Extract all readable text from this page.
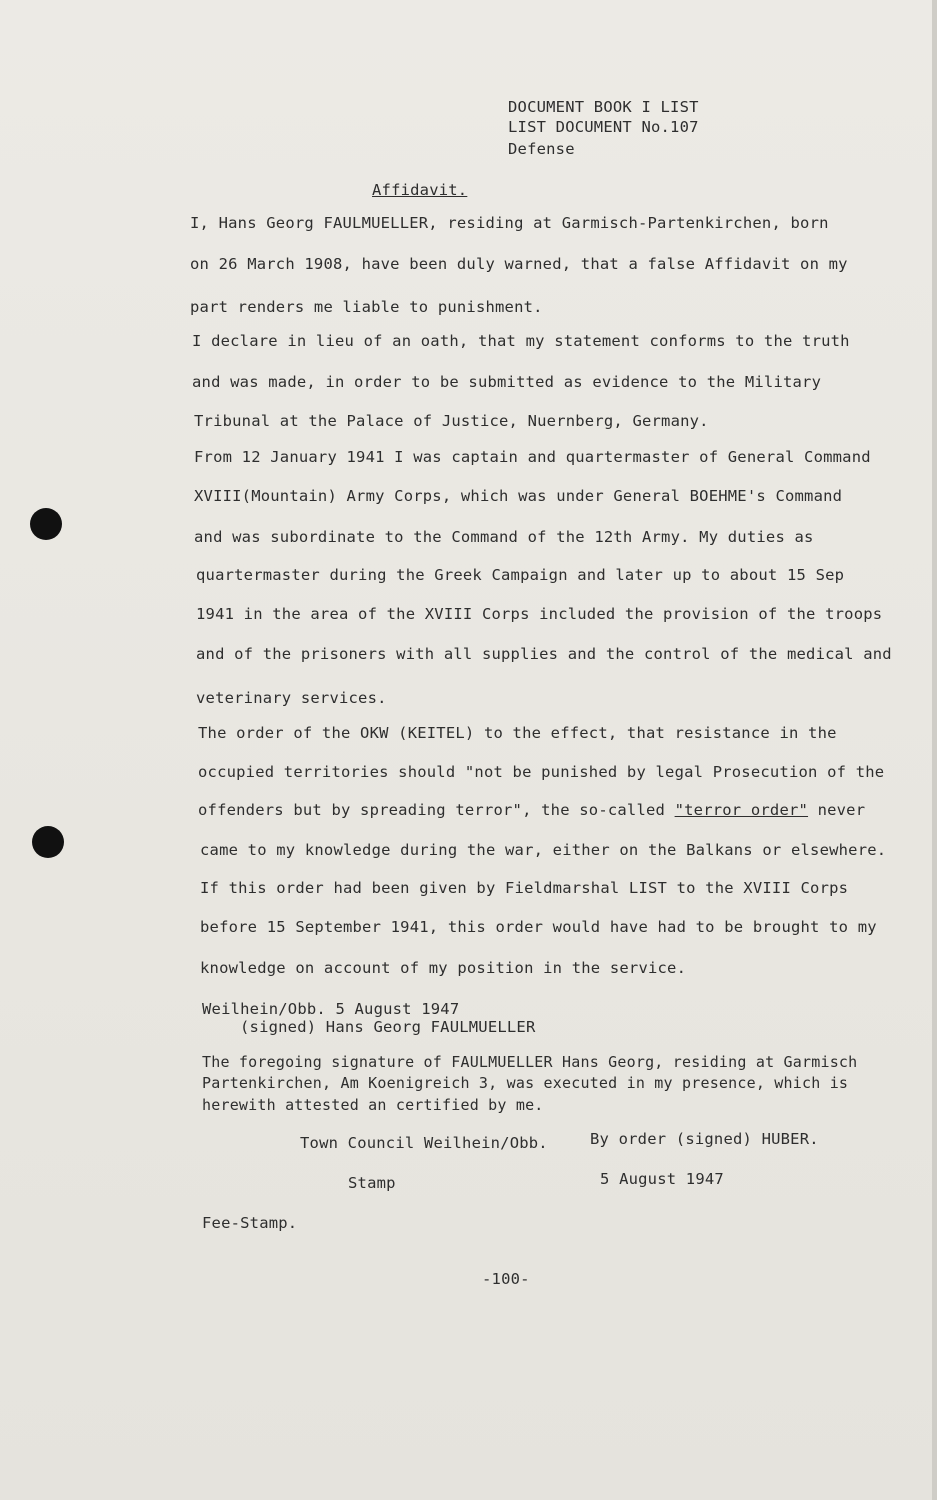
DOCUMENT BOOK I LIST
LIST DOCUMENT No.107
Defense
Affidavit.
I, Hans Georg FAULMUELLER, residing at Garmisch-Partenkirchen, born
on 26 March 1908, have been duly warned, that a false Affidavit on my
part renders me liable to punishment.
I declare in lieu of an oath, that my statement conforms to the truth
and was made, in order to be submitted as evidence to the Military
Tribunal at the Palace of Justice, Nuernberg, Germany.
From 12 January 1941 I was captain and quartermaster of General Command
XVIII(Mountain) Army Corps, which was under General BOEHME's Command
and was subordinate to the Command of the 12th Army. My duties as
quartermaster during the Greek Campaign and later up to about 15 Sep
1941 in the area of the XVIII Corps included the provision of the troops
and of the prisoners with all supplies and the control of the medical and
veterinary services.
The order of the OKW (KEITEL) to the effect, that resistance in the
occupied territories should "not be punished by legal Prosecution of the
offenders but by spreading terror", the so-called "terror order" never
came to my knowledge during the war, either on the Balkans or elsewhere.
If this order had been given by Fieldmarshal LIST to the XVIII Corps
before 15 September 1941, this order would have had to be brought to my
knowledge on account of my position in the service.
Weilhein/Obb. 5 August 1947
(signed) Hans Georg FAULMUELLER
The foregoing signature of FAULMUELLER Hans Georg, residing at Garmisch
Partenkirchen, Am Koenigreich 3, was executed in my presence, which is
herewith attested an certified by me.
Town Council Weilhein/Obb.	By order (signed) HUBER.
Stamp	5 August 1947
Fee-Stamp.
-100-
